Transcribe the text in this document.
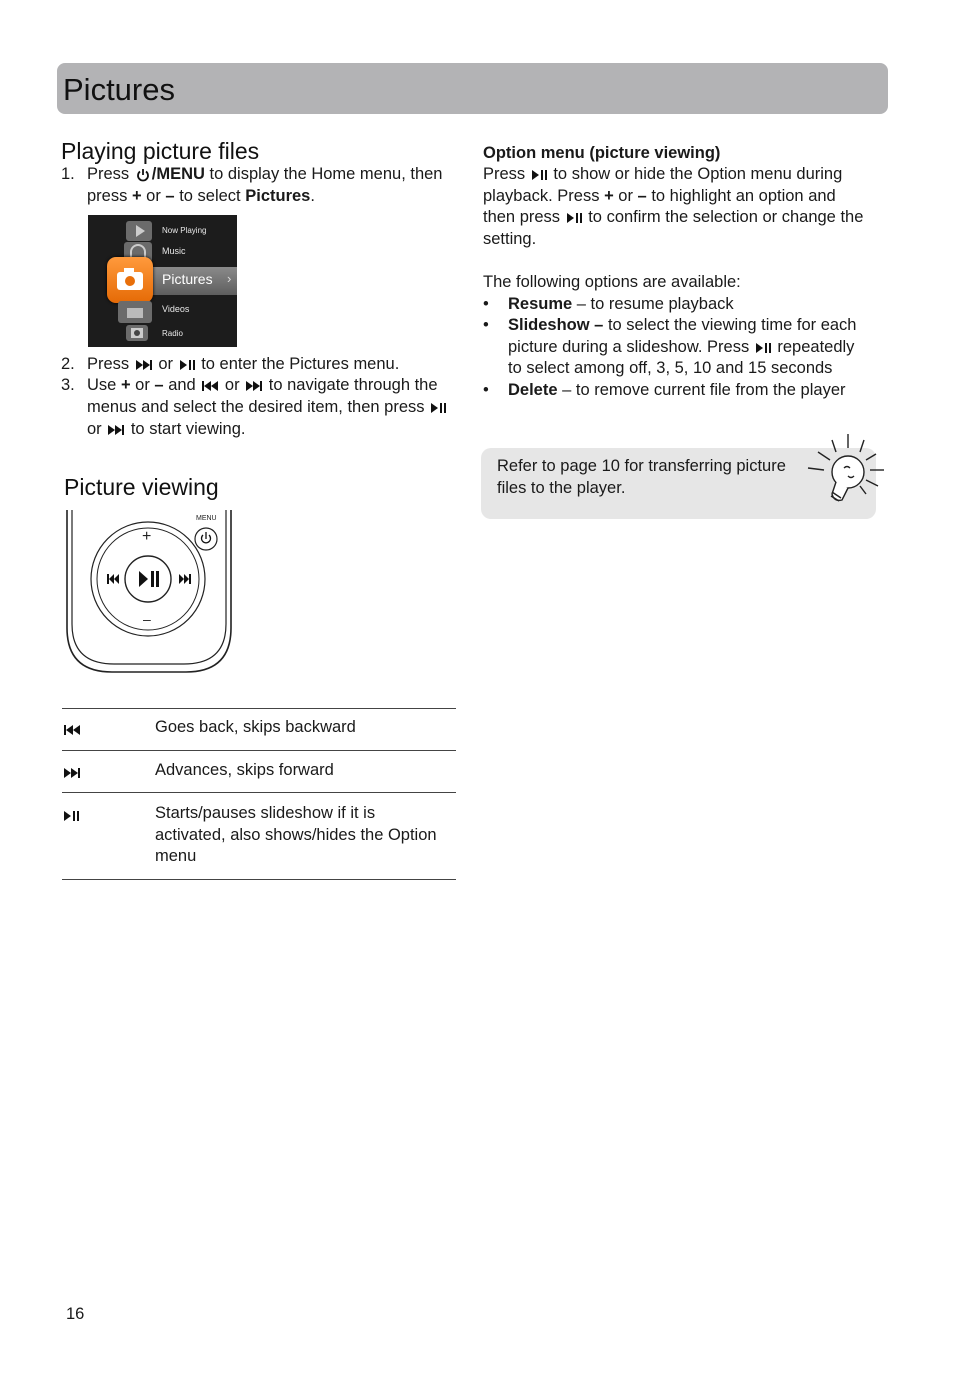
Pictures
Playing picture files
1. Press
/MENU to display the Home menu, then
press + or – to select Pictures.
Now Playing
Music
Pictures ›
Videos
Radio
2. Press
or
to enter the Pictures menu.
3. Use + or – and
or
to navigate through the
menus and select the desired item, then press
or
to start viewing.
Picture viewing
MENU
+
–
Goes back, skips backward
Advances, skips forward
Starts/pauses slideshow if it is activated, also shows/hides the Option menu
Option menu (picture viewing)
Press
to show or hide the Option menu during
playback. Press + or – to highlight an option and
then press
to confirm the selection or change the
setting.
The following options are available:
• Resume – to resume playback
• Slideshow – to select the viewing time for each
picture during a slideshow. Press
repeatedly
to select among off, 3, 5, 10 and 15 seconds
• Delete – to remove current file from the player
Refer to page 10 for transferring picture files to the player.
16
